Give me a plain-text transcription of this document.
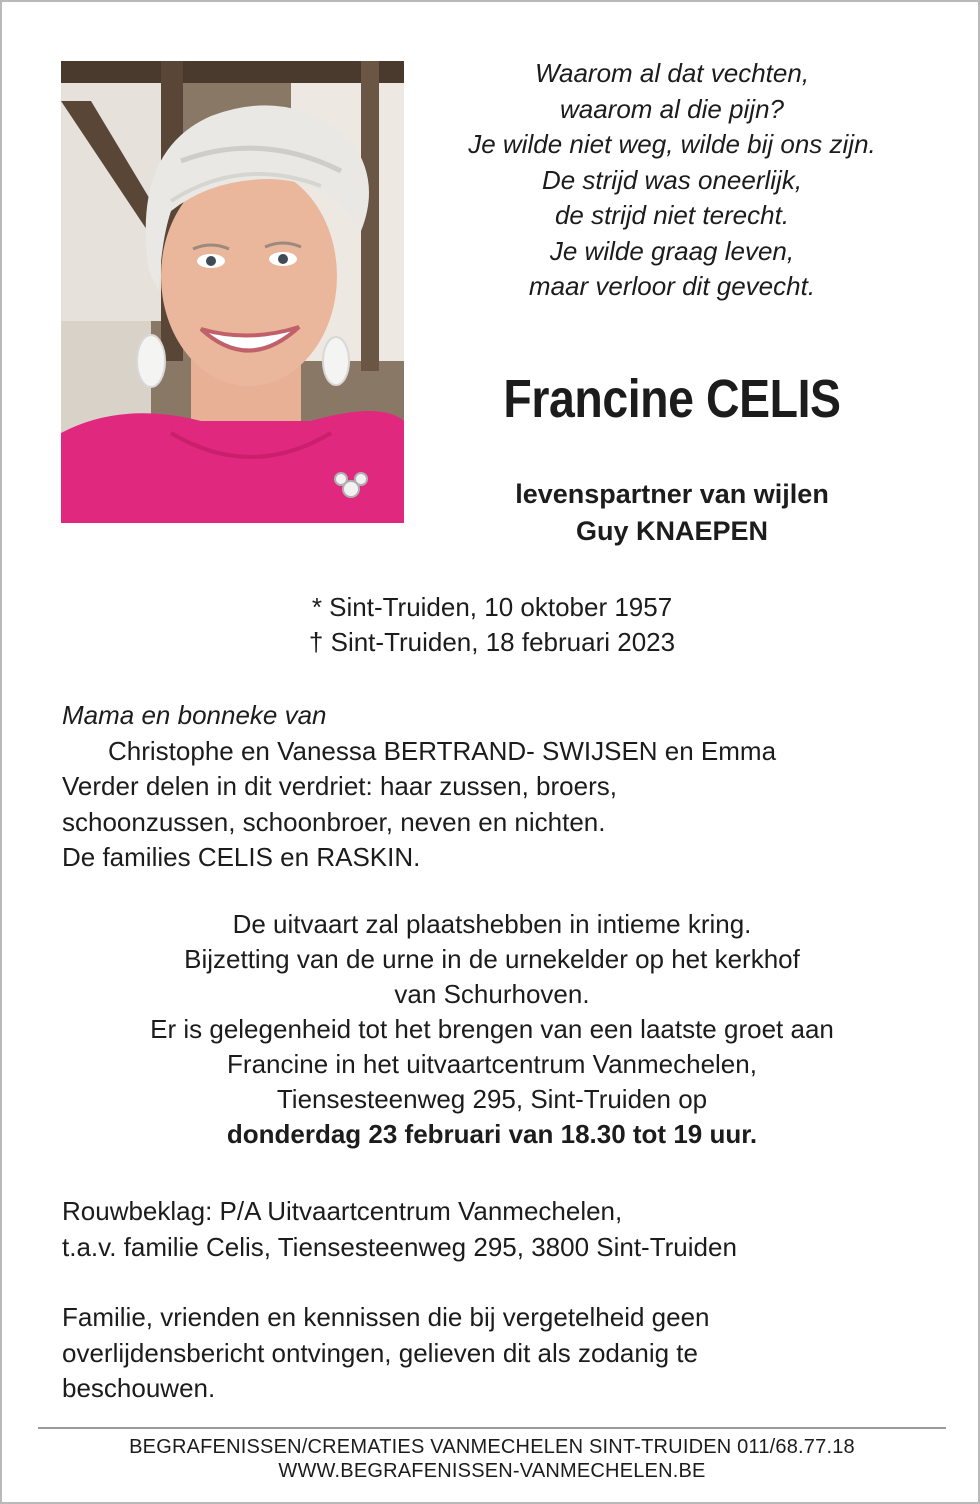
Waarom al dat vechten,
waarom al die pijn?
Je wilde niet weg, wilde bij ons zijn.
De strijd was oneerlijk,
de strijd niet terecht.
Je wilde graag leven,
maar verloor dit gevecht.
Francine CELIS
levenspartner van wijlen
Guy KNAEPEN
* Sint-Truiden, 10 oktober 1957
† Sint-Truiden, 18 februari 2023
Mama en bonneke van
Christophe en Vanessa BERTRAND- SWIJSEN en Emma
Verder delen in dit verdriet: haar zussen, broers,
schoonzussen, schoonbroer, neven en nichten.
De families CELIS en RASKIN.
De uitvaart zal plaatshebben in intieme kring.
Bijzetting van de urne in de urnekelder op het kerkhof
van Schurhoven.
Er is gelegenheid tot het brengen van een laatste groet aan
Francine in het uitvaartcentrum Vanmechelen,
Tiensesteenweg 295, Sint-Truiden op
donderdag 23 februari van 18.30 tot 19 uur.
Rouwbeklag: P/A Uitvaartcentrum Vanmechelen,
t.a.v. familie Celis, Tiensesteenweg 295, 3800 Sint-Truiden
Familie, vrienden en kennissen die bij vergetelheid geen
overlijdensbericht ontvingen, gelieven dit als zodanig te
beschouwen.
BEGRAFENISSEN/CREMATIES VANMECHELEN SINT-TRUIDEN 011/68.77.18
WWW.BEGRAFENISSEN-VANMECHELEN.BE
